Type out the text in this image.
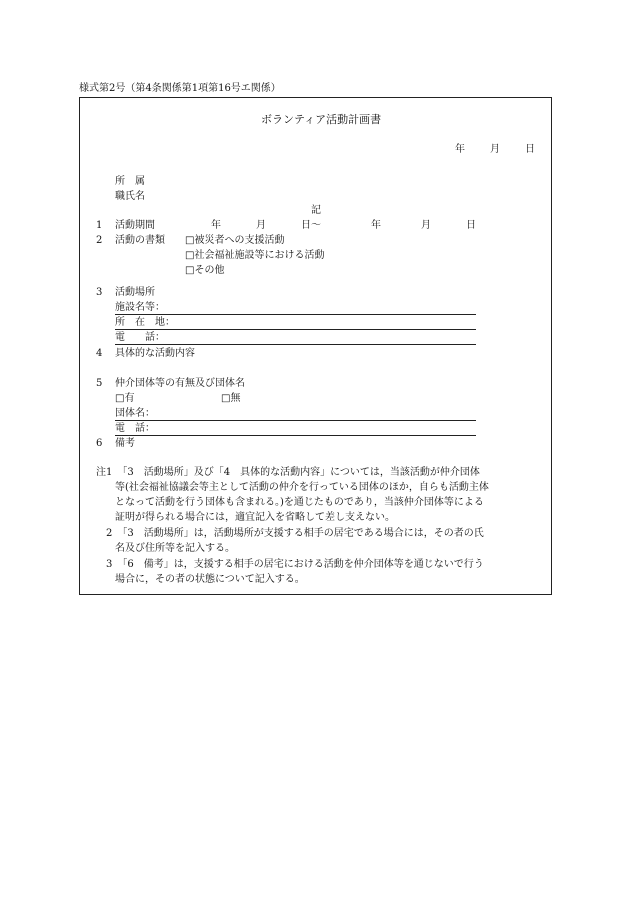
様式第2号（第4条関係第1項第16号エ関係）
ボランティア活動計画書
年	月	日
所　属
職氏名
記
1 活動期間	年	月	日〜	年	月	日
2 活動の書類 □被災者への支援活動
□社会福祉施設等における活動
□その他
3 活動場所
施設名等：
所　在　地：
電　　話：
4 具体的な活動内容
5 仲介団体等の有無及び団体名
□有	□無
団体名：
電　話：
6 備考
注1　「3　活動場所」及び「4　具体的な活動内容」については，当該活動が仲介団体
等(社会福祉協議会等主として活動の仲介を行っている団体のほか，自らも活動主体
となって活動を行う団体も含まれる。)を通じたものであり，当該仲介団体等による
証明が得られる場合には，適宜記入を省略して差し支えない。
2　「3　活動場所」は，活動場所が支援する相手の居宅である場合には，その者の氏
名及び住所等を記入する。
3　「6　備考」は，支援する相手の居宅における活動を仲介団体等を通じないで行う
場合に，その者の状態について記入する。
